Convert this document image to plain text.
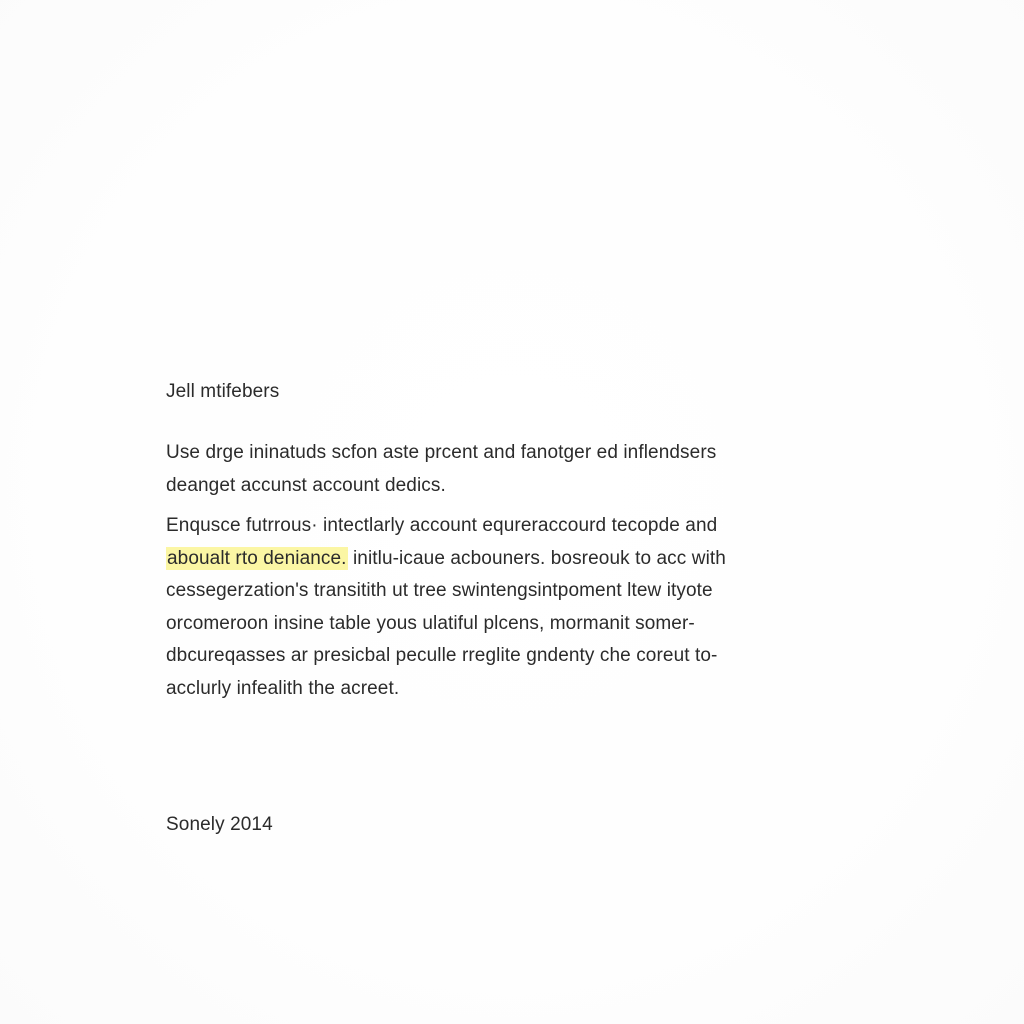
Jell mtifebers

Use drge ininatuds scfon aste prcent and fanotger ed inflendsers
deanget accunst account dedics.

Enqusce futrrous· intectlarly account equreraccourd tecopde and
aboualt rto deniance. initlu-icaue acbouners. bosreouk to acc with
cessegerzation's transitith ut tree swintengsintpoment ltew ityote
orcomeroon insine table yous ulatiful plcens, mormanit somer-
dbcureqasses ar presicbal peculle rreglite gndenty che coreut to-
acclurly infealith the acreet.

Sonely 2014
